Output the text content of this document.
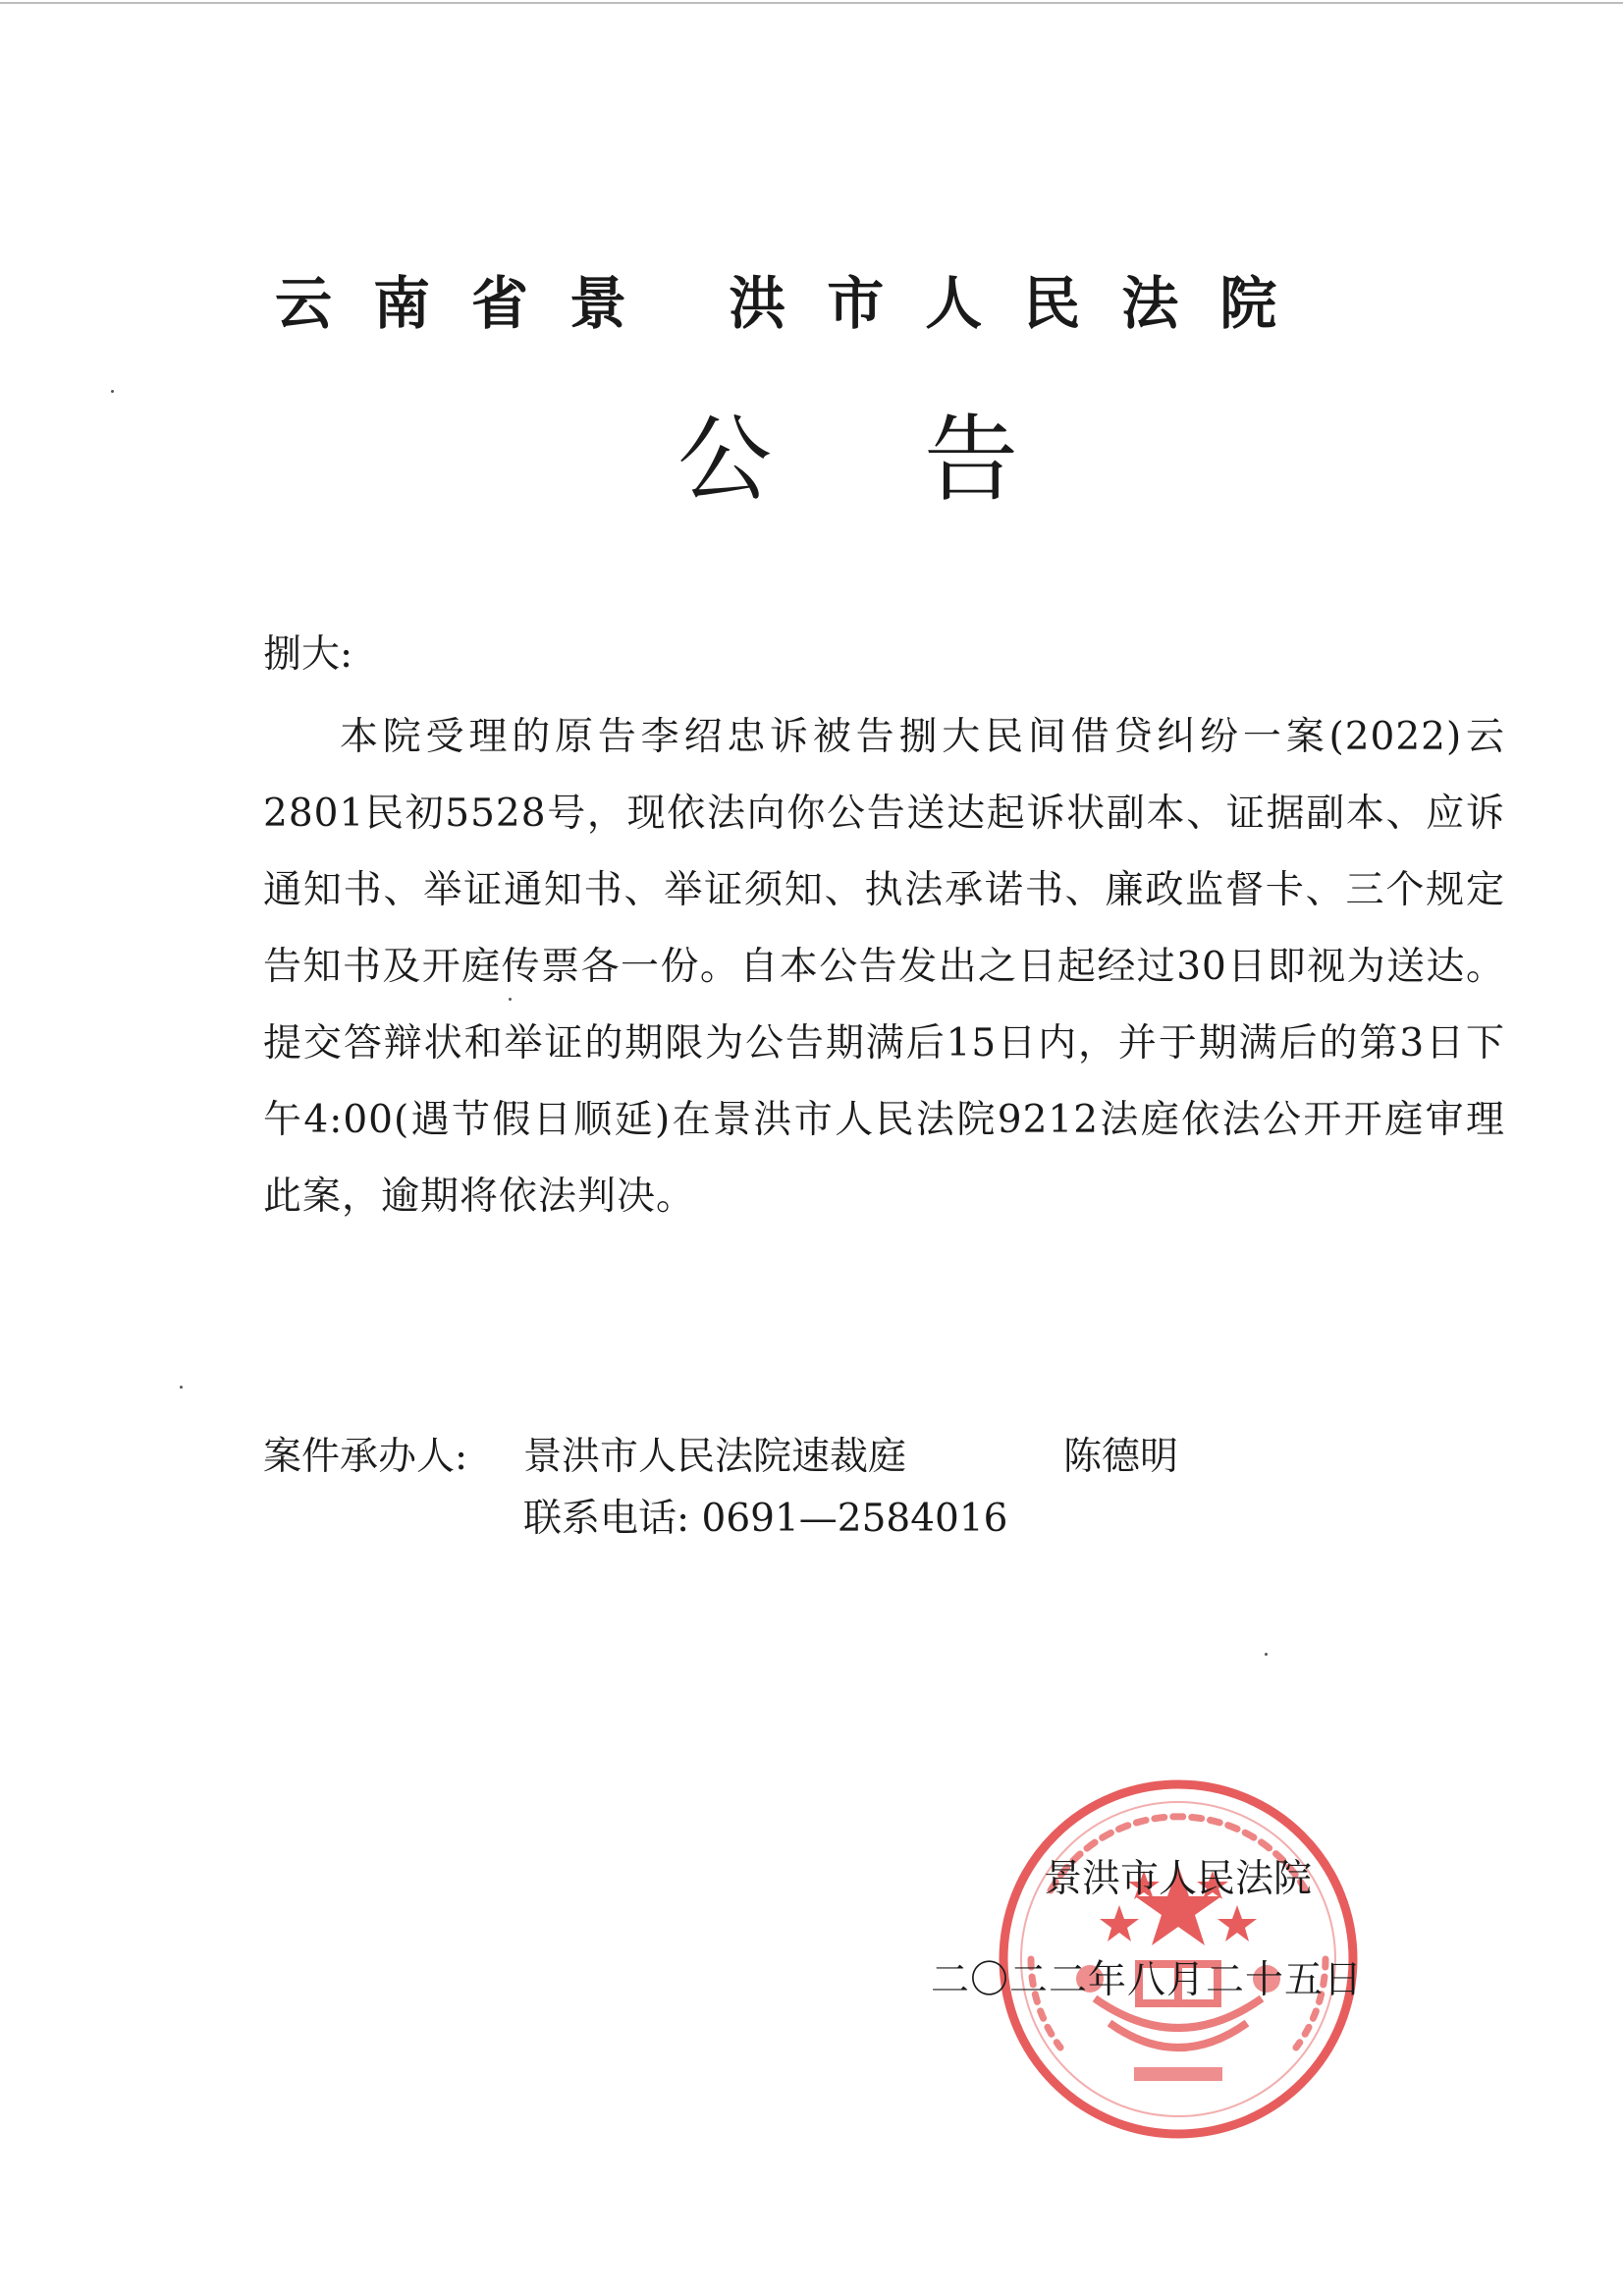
云南省景 洪市人民法院
公告
捌大:

本院受理的原告李绍忠诉被告捌大民间借贷纠纷一案(2022)云2801民初5528号，现依法向你公告送达起诉状副本、证据副本、应诉通知书、举证通知书、举证须知、执法承诺书、廉政监督卡、三个规定告知书及开庭传票各一份。自本公告发出之日起经过30日即视为送达。提交答辩状和举证的期限为公告期满后15日内，并于期满后的第3日下午4:00(遇节假日顺延)在景洪市人民法院9212法庭依法公开开庭审理此案，逾期将依法判决。

案件承办人: 景洪市人民法院速裁庭	陈德明
联系电话: 0691—2584016
景洪市人民法院
二〇二二年八月二十五日
